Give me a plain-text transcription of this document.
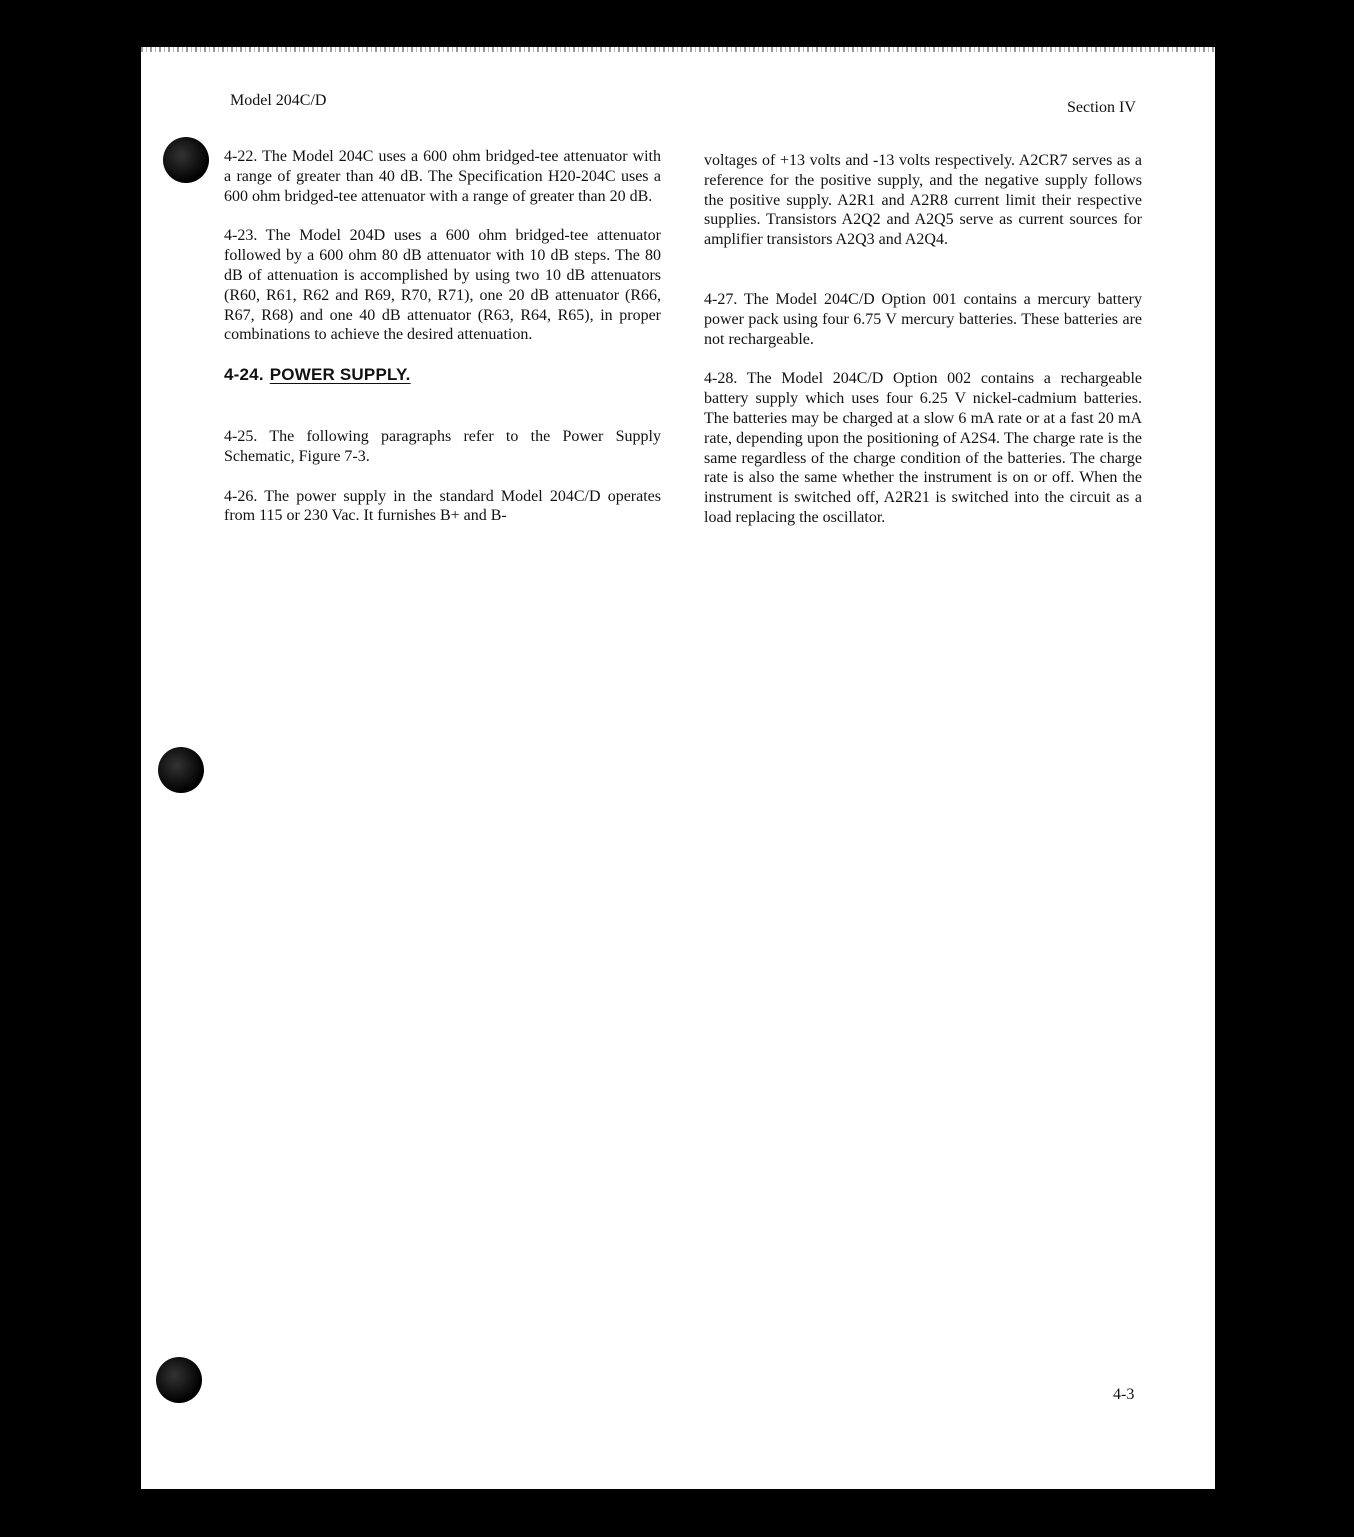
Model 204C/D	Section IV

4-22. The Model 204C uses a 600 ohm bridged-tee attenuator with a range of greater than 40 dB. The Specification H20-204C uses a 600 ohm bridged-tee attenuator with a range of greater than 20 dB.

4-23. The Model 204D uses a 600 ohm bridged-tee attenuator followed by a 600 ohm 80 dB attenuator with 10 dB steps. The 80 dB of attenuation is accomplished by using two 10 dB attenuators (R60, R61, R62 and R69, R70, R71), one 20 dB attenuator (R66, R67, R68) and one 40 dB attenuator (R63, R64, R65), in proper combinations to achieve the desired attenuation.

4-24. POWER SUPPLY.

4-25. The following paragraphs refer to the Power Supply Schematic, Figure 7-3.

4-26. The power supply in the standard Model 204C/D operates from 115 or 230 Vac. It furnishes B+ and B-

voltages of +13 volts and -13 volts respectively. A2CR7 serves as a reference for the positive supply, and the negative supply follows the positive supply. A2R1 and A2R8 current limit their respective supplies. Transistors A2Q2 and A2Q5 serve as current sources for amplifier transistors A2Q3 and A2Q4.

4-27. The Model 204C/D Option 001 contains a mercury battery power pack using four 6.75 V mercury batteries. These batteries are not rechargeable.

4-28. The Model 204C/D Option 002 contains a rechargeable battery supply which uses four 6.25 V nickel-cadmium batteries. The batteries may be charged at a slow 6 mA rate or at a fast 20 mA rate, depending upon the positioning of A2S4. The charge rate is the same regardless of the charge condition of the batteries. The charge rate is also the same whether the instrument is on or off. When the instrument is switched off, A2R21 is switched into the circuit as a load replacing the oscillator.

4-3
